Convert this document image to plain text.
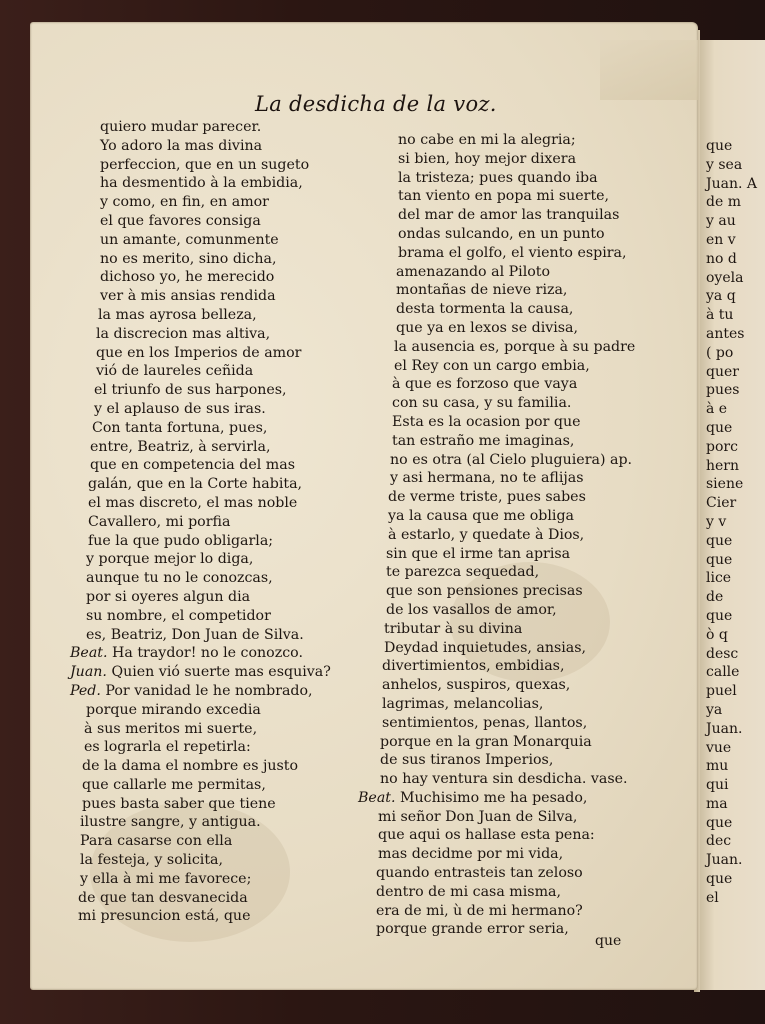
La desdicha de la voz.
quiero mudar parecer.
Yo adoro la mas divina
perfeccion, que en un sugeto
ha desmentido à la embidia,
y como, en fin, en amor
el que favores consiga
un amante, comunmente
no es merito, sino dicha,
dichoso yo, he merecido
ver à mis ansias rendida
la mas ayrosa belleza,
la discrecion mas altiva,
que en los Imperios de amor
vió de laureles ceñida
el triunfo de sus harpones,
y el aplauso de sus iras.
Con tanta fortuna, pues,
entre, Beatriz, à servirla,
que en competencia del mas
galán, que en la Corte habita,
el mas discreto, el mas noble
Cavallero, mi porfia
fue la que pudo obligarla;
y porque mejor lo diga,
aunque tu no le conozcas,
por si oyeres algun dia
su nombre, el competidor
es, Beatriz, Don Juan de Silva.
Beat. Ha traydor! no le conozco.
Juan. Quien vió suerte mas esquiva?
Ped. Por vanidad le he nombrado,
porque mirando excedia
à sus meritos mi suerte,
es lograrla el repetirla:
de la dama el nombre es justo
que callarle me permitas,
pues basta saber que tiene
ilustre sangre, y antigua.
Para casarse con ella
la festeja, y solicita,
y ella à mi me favorece;
de que tan desvanecida
mi presuncion está, que
no cabe en mi la alegria;
si bien, hoy mejor dixera
la tristeza; pues quando iba
tan viento en popa mi suerte,
del mar de amor las tranquilas
ondas sulcando, en un punto
brama el golfo, el viento espira,
amenazando al Piloto
montañas de nieve riza,
desta tormenta la causa,
que ya en lexos se divisa,
la ausencia es, porque à su padre
el Rey con un cargo embia,
à que es forzoso que vaya
con su casa, y su familia.
Esta es la ocasion por que
tan estraño me imaginas,
no es otra (al Cielo pluguiera) ap.
y asi hermana, no te aflijas
de verme triste, pues sabes
ya la causa que me obliga
à estarlo, y quedate à Dios,
sin que el irme tan aprisa
te parezca sequedad,
que son pensiones precisas
de los vasallos de amor,
tributar à su divina
Deydad inquietudes, ansias,
divertimientos, embidias,
anhelos, suspiros, quexas,
lagrimas, melancolias,
sentimientos, penas, llantos,
porque en la gran Monarquia
de sus tiranos Imperios,
no hay ventura sin desdicha. vase.
Beat. Muchisimo me ha pesado,
mi señor Don Juan de Silva,
que aqui os hallase esta pena:
mas decidme por mi vida,
quando entrasteis tan zeloso
dentro de mi casa misma,
era de mi, ù de mi hermano?
porque grande error seria,
que
y sea
Juan. A
de m
y au
en v
no d
oyela
ya q
à tu
antes
( po
quer
pues
à e
que
porc
hern
siene
Cier
y v
que
que
lice
de
que
ò q
desc
calle
puel
ya
Juan.
vue
mu
qui
ma
que
dec
Juan.
que
el
que
